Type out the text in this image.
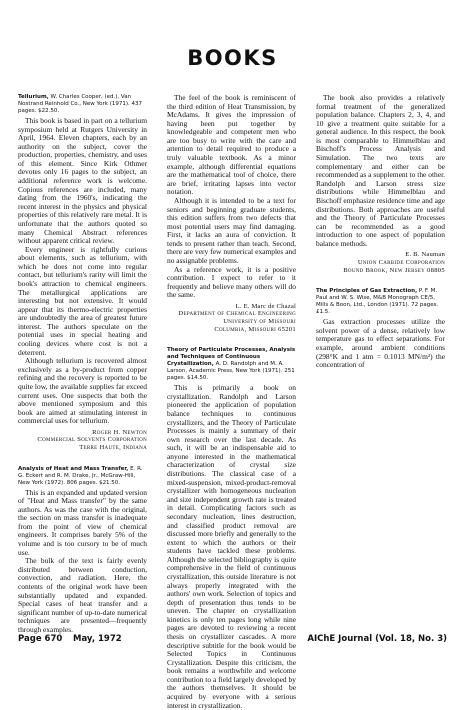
BOOKS

Tellurium, W. Charles Cooper, (ed.), Van Nostrand Reinhold Co., New York (1971). 437 pages. $22.50.

This book is based in part on a tellurium symposium held at Rutgers University in April, 1964. Eleven chapters, each by an authority on the subject, cover the production, properties, chemistry, and uses of this element. Since Kirk Othmer devotes only 16 pages to the subject, an additional reference work is welcome. Copious references are included, many dating from the 1960's, indicating the recent interest in the physics and physical properties of this relatively rare metal. It is unfortunate that the authors quoted so many Chemical Abstract references without apparent critical review.

Every engineer is rightfully curious about elements, such as tellurium, with which he does not come into regular contact, but tellurium's rarity will limit the book's attraction to chemical engineers. The metallurgical applications are interesting but not extensive. It would appear that its thermo-electric properties are undoubtedly the area of greatest future interest. The authors speculate on the potential uses in special heating and cooling devices where cost is not a deterrent.

Although tellurium is recovered almost exclusively as a by-product from copper refining and the recovery is reported to be quite low, the available supplies far exceed current uses. One suspects that both the above mentioned symposium and this book are aimed at stimulating interest in commercial uses for tellurium.

Roger H. Newton
Commercial Solvents Corporation
Terre Haute, Indiana

Analysis of Heat and Mass Transfer, E. R. G. Eckert and R. M. Drake, Jr., McGraw-Hill, New York (1972). 806 pages. $21.50.

This is an expanded and updated version of "Heat and Mass transfer" by the same authors. As was the case with the original, the section on mass transfer is inadequate from the point of view of chemical engineers. It comprises barely 5% of the volume and is too cursory to be of much use.

The bulk of the text is fairly evenly distributed between conduction, convection, and radiation. Here, the contents of the original work have been substantially updated and expanded. Special cases of heat transfer and a significant number of up-to-date numerical techniques are presented—frequently through examples.

The feel of the book is reminiscent of the third edition of Heat Transmission, by McAdams. It gives the impression of having been put together by knowledgeable and competent men who are too busy to write with the care and attention to detail required to produce a truly valuable textbook. As a minor example, although differential equations are the mathematical tool of choice, there are brief, irritating lapses into vector notation.

Although it is intended to be a text for seniors and beginning graduate students, this edition suffers from two defects that most potential users may find damaging. First, it lacks an aura of conviction. It tends to present rather than teach. Second, there are very few numerical examples and no assignable problems.

As a reference work, it is a positive contribution. I expect to refer to it frequently and believe many others will do the same.

L. E. Marc de Chazal
Department of Chemical Engineering
University of Missouri
Columbia, Missouri 65201

Theory of Particulate Processes, Analysis and Techniques of Continuous Crystallization, A. D. Randolph and M. A. Larson, Academic Press, New York (1971). 251 pages. $14.50.

This is primarily a book on crystallization. Randolph and Larson pioneered the application of population balance techniques to continuous crystallizers, and the Theory of Particulate Processes is mainly a summary of their own research over the last decade. As such, it will be an indispensable aid to anyone interested in the mathematical characterization of crystal size distributions. The classical case of a mixed-suspension, mixed-product-removal crystallizer with homogeneous nucleation and size independent growth rate is treated in detail. Complicating factors such as secondary nucleation, lines destruction, and classified product removal are discussed more briefly and generally to the extent to which the authors or their students have tackled these problems. Although the selected bibliography is quite comprehensive in the field of continuous crystallization, this outside literature is not always properly integrated with the authors' own work. Selection of topics and depth of presentation thus tends to be uneven. The chapter on crystallization kinetics is only ten pages long while nine pages are devoted to reviewing a recent thesis on crystallizer cascades. A more descriptive subtitle for the book would be Selected Topics in Continuous Crystallization. Despite this criticism, the book remains a worthwhile and welcome contribution to a field largely developed by the authors themselves. It should be acquired by everyone with a serious interest in crystallization.

The book also provides a relatively formal treatment of the generalized population balance. Chapters 2, 3, 4, and 10 give a treatment quite suitable for a general audience. In this respect, the book is most comparable to Himmelblau and Bischoff's Process Analysis and Simulation. The two texts are complementary and either can be recommended as a supplement to the other. Randolph and Larson stress size distributions while Himmelblau and Bischoff emphasize residence time and age distributions. Both approaches are useful and the Theory of Particulate Processes can be recommended as a good introduction to one aspect of population balance methods.

E. B. Nauman
Union Carbide Corporation
Bound Brook, New Jersey 08805

The Principles of Gas Extraction, P. F. M. Paul and W. S. Wise, M&B Monograph CE/5, Mills & Boon, Ltd., London (1971). 72 pages. £1.5.

Gas extraction processes utilize the solvent power of a dense, relatively low temperature gas to effect separations. For example, around ambient conditions (298°K and 1 atm = 0.1013 MN/m²) the concentration of

Page 670 May, 1972	AIChE Journal (Vol. 18, No. 3)
